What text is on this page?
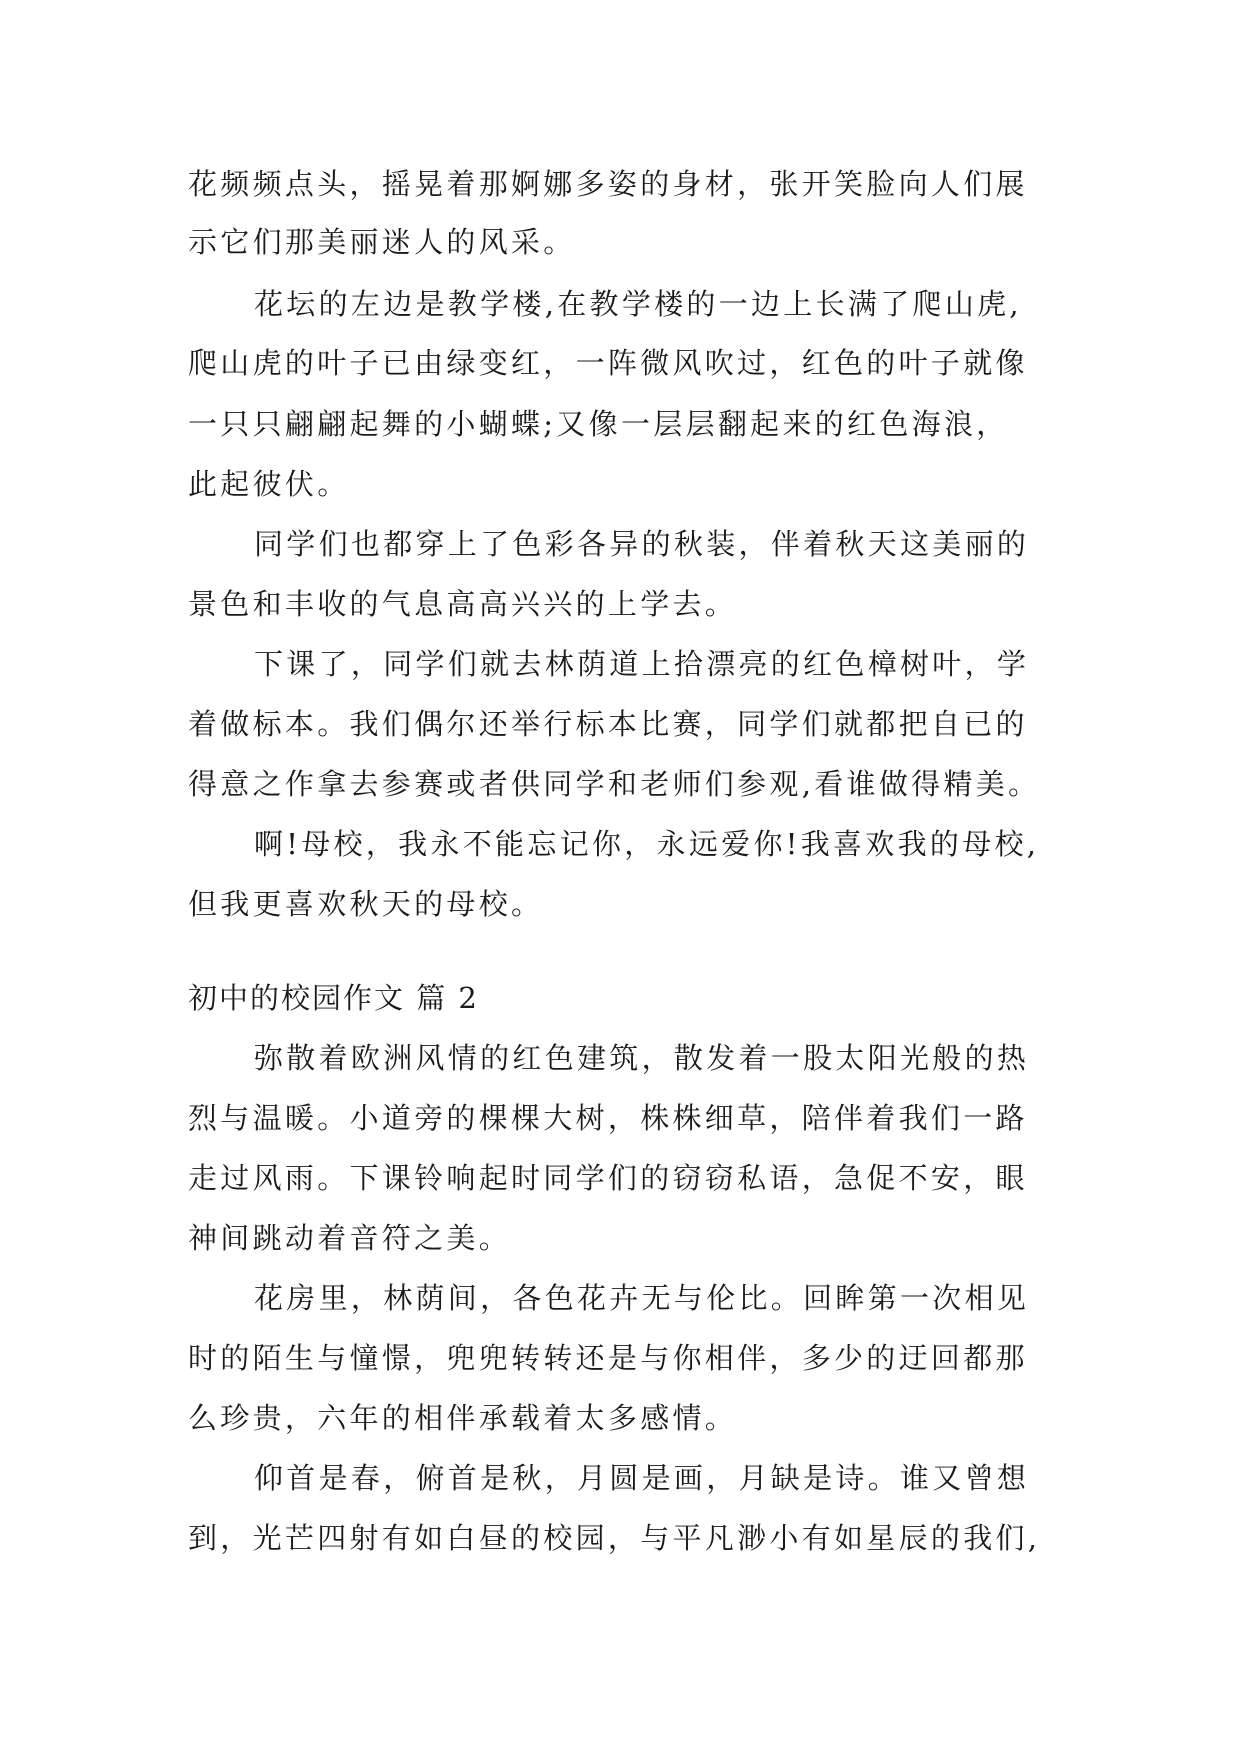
花频频点头，摇晃着那婀娜多姿的身材，张开笑脸向人们展

示它们那美丽迷人的风采。

花坛的左边是教学楼,在教学楼的一边上长满了爬山虎,

爬山虎的叶子已由绿变红，一阵微风吹过，红色的叶子就像

一只只翩翩起舞的小蝴蝶;又像一层层翻起来的红色海浪，

此起彼伏。

同学们也都穿上了色彩各异的秋装，伴着秋天这美丽的

景色和丰收的气息高高兴兴的上学去。

下课了，同学们就去林荫道上拾漂亮的红色樟树叶，学

着做标本。我们偶尔还举行标本比赛，同学们就都把自已的

得意之作拿去参赛或者供同学和老师们参观,看谁做得精美。

啊!母校，我永不能忘记你，永远爱你!我喜欢我的母校,

但我更喜欢秋天的母校。

初中的校园作文 篇 2

弥散着欧洲风情的红色建筑，散发着一股太阳光般的热

烈与温暖。小道旁的棵棵大树，株株细草，陪伴着我们一路

走过风雨。下课铃响起时同学们的窃窃私语，急促不安，眼

神间跳动着音符之美。

花房里，林荫间，各色花卉无与伦比。回眸第一次相见

时的陌生与憧憬，兜兜转转还是与你相伴，多少的迂回都那

么珍贵，六年的相伴承载着太多感情。

仰首是春，俯首是秋，月圆是画，月缺是诗。谁又曾想

到，光芒四射有如白昼的校园，与平凡渺小有如星辰的我们,
